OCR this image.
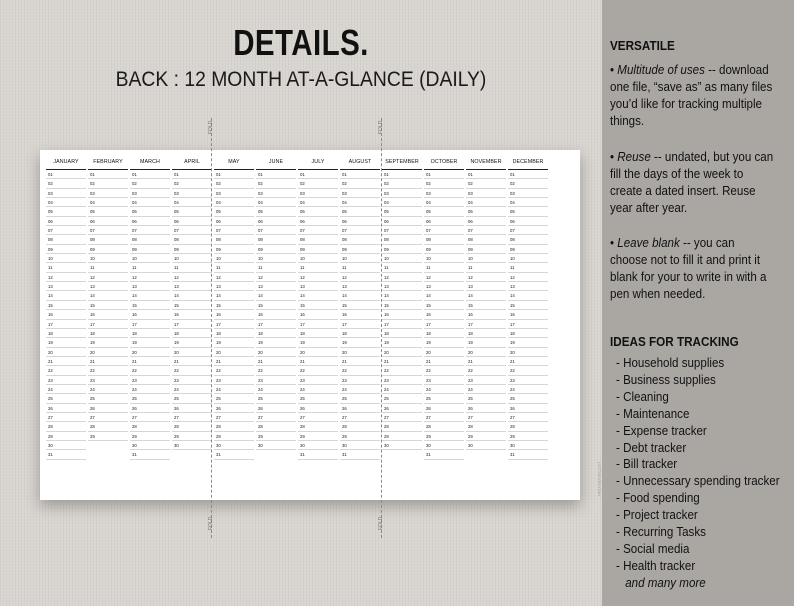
DETAILS.
BACK : 12 MONTH AT-A-GLANCE (DAILY)
JANUARY
01
02
03
04
05
06
07
08
09
10
11
12
13
14
15
16
17
18
19
20
21
22
23
24
25
26
27
28
29
30
31
FEBRUARY
01
02
03
04
05
06
07
08
09
10
11
12
13
14
15
16
17
18
19
20
21
22
23
24
25
26
27
28
29
MARCH
01
02
03
04
05
06
07
08
09
10
11
12
13
14
15
16
17
18
19
20
21
22
23
24
25
26
27
28
29
30
31
APRIL
01
02
03
04
05
06
07
08
09
10
11
12
13
14
15
16
17
18
19
20
21
22
23
24
25
26
27
28
29
30
MAY
01
02
03
04
05
06
07
08
09
10
11
12
13
14
15
16
17
18
19
20
21
22
23
24
25
26
27
28
29
30
31
JUNE
01
02
03
04
05
06
07
08
09
10
11
12
13
14
15
16
17
18
19
20
21
22
23
24
25
26
27
28
29
30
JULY
01
02
03
04
05
06
07
08
09
10
11
12
13
14
15
16
17
18
19
20
21
22
23
24
25
26
27
28
29
30
31
AUGUST
01
02
03
04
05
06
07
08
09
10
11
12
13
14
15
16
17
18
19
20
21
22
23
24
25
26
27
28
29
30
31
SEPTEMBER
01
02
03
04
05
06
07
08
09
10
11
12
13
14
15
16
17
18
19
20
21
22
23
24
25
26
27
28
29
30
OCTOBER
01
02
03
04
05
06
07
08
09
10
11
12
13
14
15
16
17
18
19
20
21
22
23
24
25
26
27
28
29
30
31
NOVEMBER
01
02
03
04
05
06
07
08
09
10
11
12
13
14
15
16
17
18
19
20
21
22
23
24
25
26
27
28
29
30
DECEMBER
01
02
03
04
05
06
07
08
09
10
11
12
13
14
15
16
17
18
19
20
21
22
23
24
25
26
27
28
29
30
31
LOTTOEVERYDAY
FOLD	FOLD
FOLD	FOLD
VERSATILE
• Multitude of uses -- download one file, “save as” as many files you’d like for tracking multiple things.
• Reuse -- undated, but you can fill the days of the week to create a dated insert. Reuse year after year.
• Leave blank -- you can choose not to fill it and print it blank for your to write in with a pen when needed.
IDEAS FOR TRACKING
- Household supplies
- Business supplies
- Cleaning
- Maintenance
- Expense tracker
- Debt tracker
- Bill tracker
- Unnecessary spending tracker
- Food spending
- Project tracker
- Recurring Tasks
- Social media
- Health tracker
and many more
